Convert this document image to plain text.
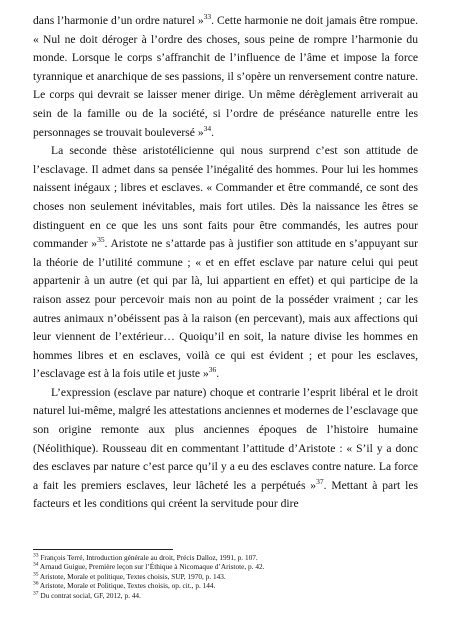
dans l’harmonie d’un ordre naturel »$^{33}$. Cette harmonie ne doit jamais être rompue. « Nul ne doit déroger à l’ordre des choses, sous peine de rompre l’harmonie du monde. Lorsque le corps s’affranchit de l’influence de l’âme et impose la force tyrannique et anarchique de ses passions, il s’opère un renversement contre nature. Le corps qui devrait se laisser mener dirige. Un même dérèglement arriverait au sein de la famille ou de la société, si l’ordre de préséance naturelle entre les personnages se trouvait bouleversé »$^{34}$.

La seconde thèse aristotélicienne qui nous surprend c’est son attitude de l’esclavage. Il admet dans sa pensée l’inégalité des hommes. Pour lui les hommes naissent inégaux ; libres et esclaves. « Commander et être commandé, ce sont des choses non seulement inévitables, mais fort utiles. Dès la naissance les êtres se distinguent en ce que les uns sont faits pour être commandés, les autres pour commander »$^{35}$. Aristote ne s’attarde pas à justifier son attitude en s’appuyant sur la théorie de l’utilité commune ; « et en effet esclave par nature celui qui peut appartenir à un autre (et qui par là, lui appartient en effet) et qui participe de la raison assez pour percevoir mais non au point de la posséder vraiment ; car les autres animaux n’obéissent pas à la raison (en percevant), mais aux affections qui leur viennent de l’extérieur… Quoiqu’il en soit, la nature divise les hommes en hommes libres et en esclaves, voilà ce qui est évident ; et pour les esclaves, l’esclavage est à la fois utile et juste »$^{36}$.

L’expression (esclave par nature) choque et contrarie l’esprit libéral et le droit naturel lui-même, malgré les attestations anciennes et modernes de l’esclavage que son origine remonte aux plus anciennes époques de l’histoire humaine (Néolithique). Rousseau dit en commentant l’attitude d’Aristote : « S’il y a donc des esclaves par nature c’est parce qu’il y a eu des esclaves contre nature. La force a fait les premiers esclaves, leur lâcheté les a perpétués »$^{37}$. Mettant à part les facteurs et les conditions qui créent la servitude pour dire

$^{33}$ François Terré, Introduction générale au droit, Précis Dalloz, 1991, p. 107.
$^{34}$ Arnaud Guigue, Première leçon sur l’Éthique à Nicomaque d’Aristote, p. 42.
$^{35}$ Aristote, Morale et politique, Textes choisis, SUP, 1970, p. 143.
$^{36}$ Aristote, Morale et Politique, Textes choisis, op. cit., p. 144.
$^{37}$ Du contrat social, GF, 2012, p. 44.
